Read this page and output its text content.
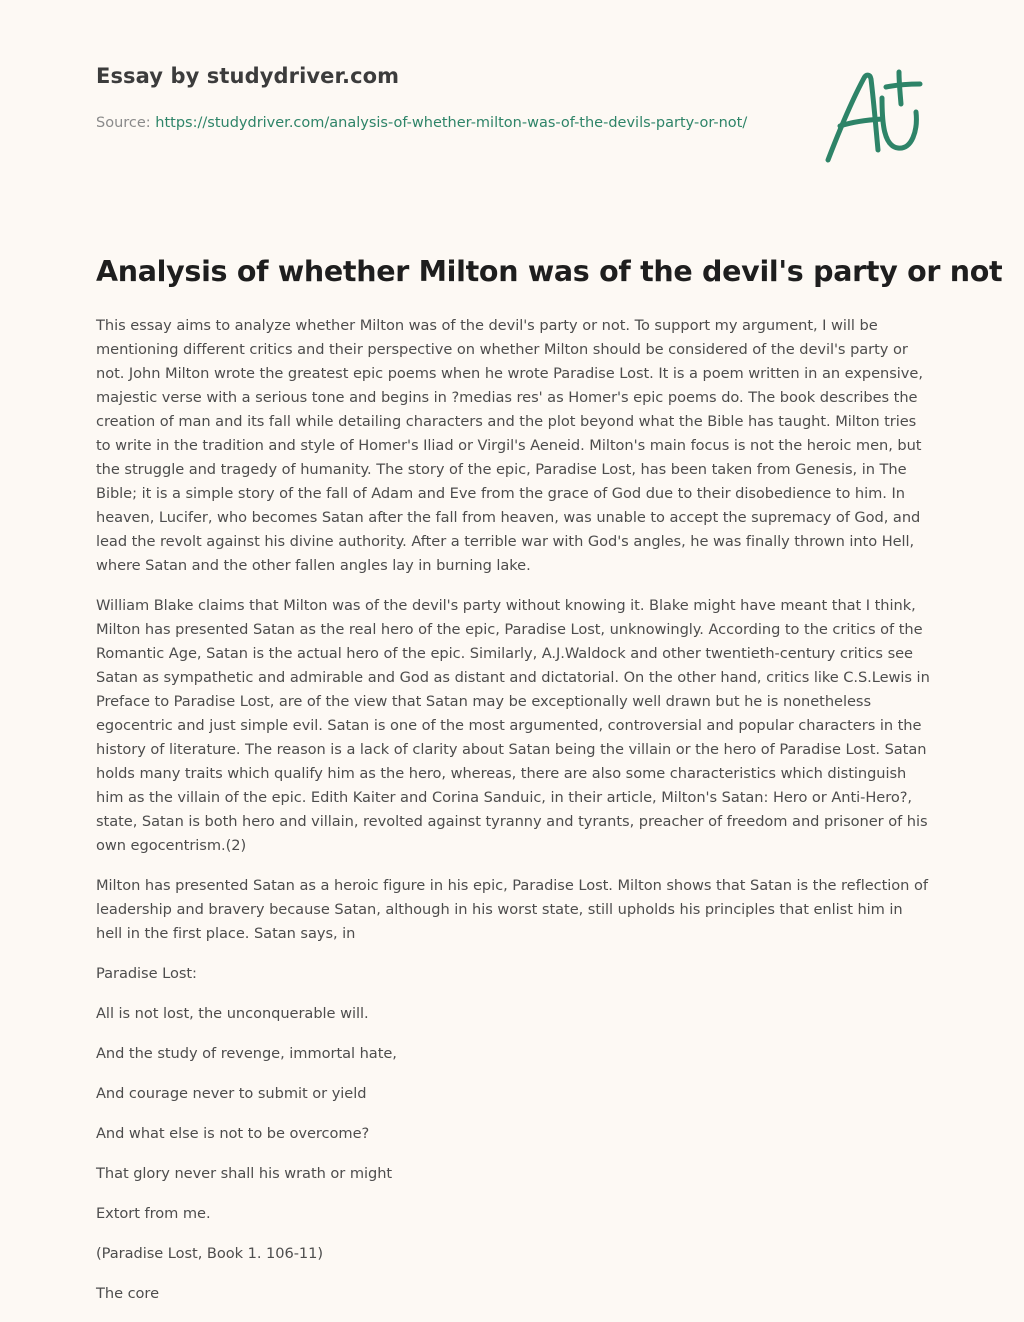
Essay by studydriver.com
Source: https://studydriver.com/analysis-of-whether-milton-was-of-the-devils-party-or-not/
Analysis of whether Milton was of the devil's party or not

This essay aims to analyze whether Milton was of the devil's party or not. To support my argument, I will be mentioning different critics and their perspective on whether Milton should be considered of the devil's party or not. John Milton wrote the greatest epic poems when he wrote Paradise Lost. It is a poem written in an expensive, majestic verse with a serious tone and begins in ?medias res' as Homer's epic poems do. The book describes the creation of man and its fall while detailing characters and the plot beyond what the Bible has taught. Milton tries to write in the tradition and style of Homer's Iliad or Virgil's Aeneid. Milton's main focus is not the heroic men, but the struggle and tragedy of humanity. The story of the epic, Paradise Lost, has been taken from Genesis, in The Bible; it is a simple story of the fall of Adam and Eve from the grace of God due to their disobedience to him. In heaven, Lucifer, who becomes Satan after the fall from heaven, was unable to accept the supremacy of God, and lead the revolt against his divine authority. After a terrible war with God's angles, he was finally thrown into Hell, where Satan and the other fallen angles lay in burning lake.

William Blake claims that Milton was of the devil's party without knowing it. Blake might have meant that I think, Milton has presented Satan as the real hero of the epic, Paradise Lost, unknowingly. According to the critics of the Romantic Age, Satan is the actual hero of the epic. Similarly, A.J.Waldock and other twentieth-century critics see Satan as sympathetic and admirable and God as distant and dictatorial. On the other hand, critics like C.S.Lewis in Preface to Paradise Lost, are of the view that Satan may be exceptionally well drawn but he is nonetheless egocentric and just simple evil. Satan is one of the most argumented, controversial and popular characters in the history of literature. The reason is a lack of clarity about Satan being the villain or the hero of Paradise Lost. Satan holds many traits which qualify him as the hero, whereas, there are also some characteristics which distinguish him as the villain of the epic. Edith Kaiter and Corina Sanduic, in their article, Milton's Satan: Hero or Anti-Hero?, state, Satan is both hero and villain, revolted against tyranny and tyrants, preacher of freedom and prisoner of his own egocentrism.(2)

Milton has presented Satan as a heroic figure in his epic, Paradise Lost. Milton shows that Satan is the reflection of leadership and bravery because Satan, although in his worst state, still upholds his principles that enlist him in hell in the first place. Satan says, in

Paradise Lost:

All is not lost, the unconquerable will.

And the study of revenge, immortal hate,

And courage never to submit or yield

And what else is not to be overcome?

That glory never shall his wrath or might

Extort from me.

(Paradise Lost, Book 1. 106-11)

The core
